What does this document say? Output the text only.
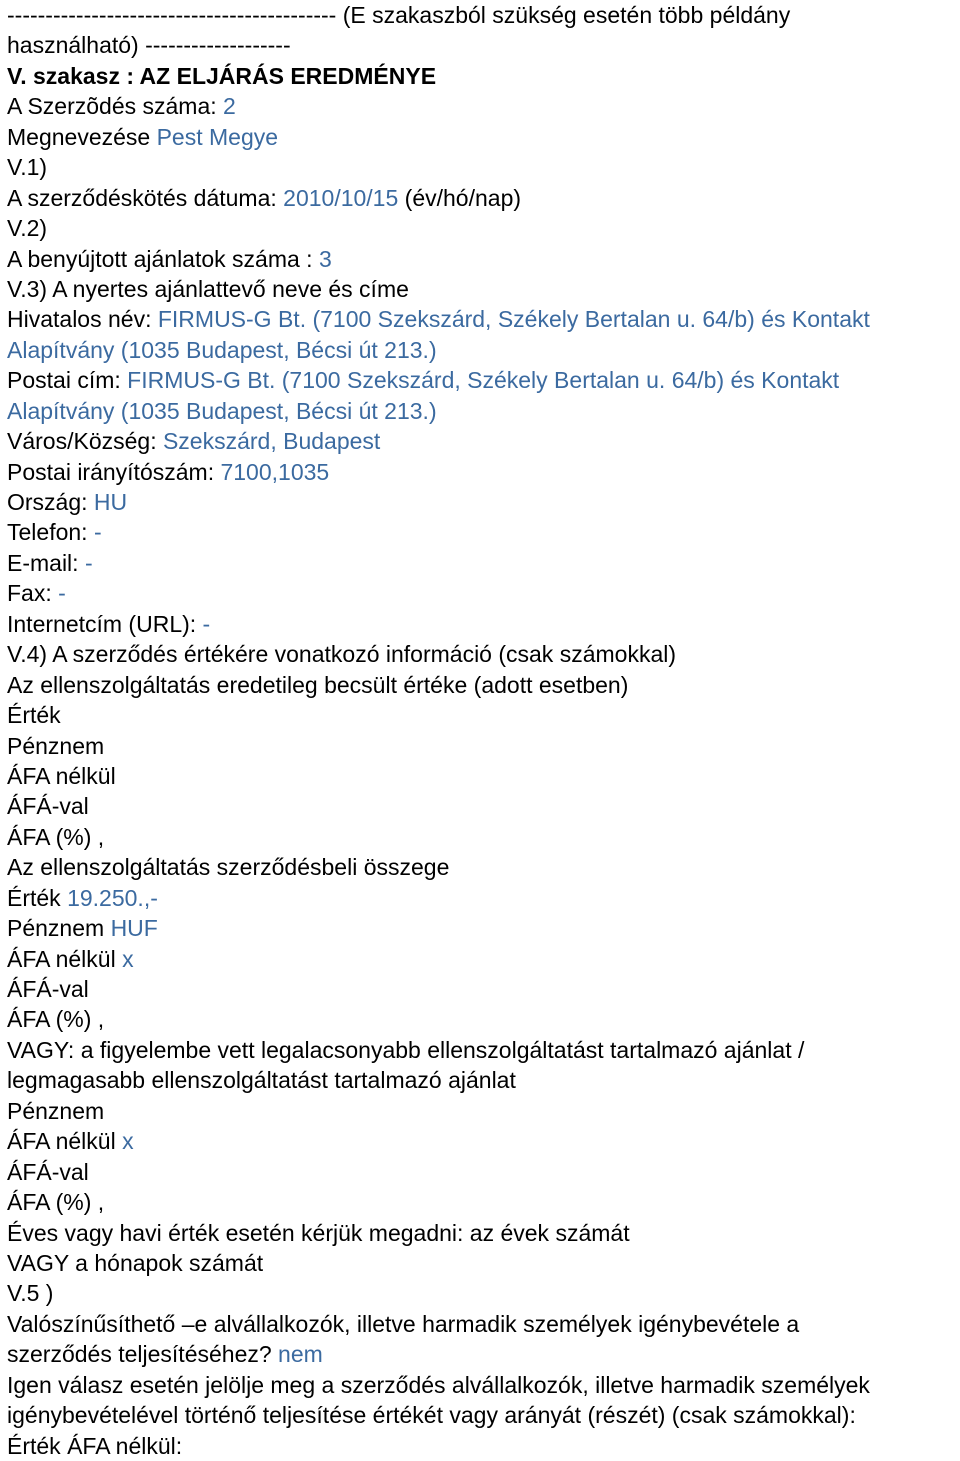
------------------------------------------- (E szakaszból szükség esetén több példány
használható) -------------------
V. szakasz : AZ ELJÁRÁS EREDMÉNYE
A Szerzõdés száma: 2
Megnevezése Pest Megye
V.1)
A szerződéskötés dátuma: 2010/10/15 (év/hó/nap)
V.2)
A benyújtott ajánlatok száma : 3
V.3) A nyertes ajánlattevő neve és címe
Hivatalos név: FIRMUS-G Bt. (7100 Szekszárd, Székely Bertalan u. 64/b) és Kontakt
Alapítvány (1035 Budapest, Bécsi út 213.)
Postai cím: FIRMUS-G Bt. (7100 Szekszárd, Székely Bertalan u. 64/b) és Kontakt
Alapítvány (1035 Budapest, Bécsi út 213.)
Város/Község: Szekszárd, Budapest
Postai irányítószám: 7100,1035
Ország: HU
Telefon: -
E-mail: -
Fax: -
Internetcím (URL): -
V.4) A szerződés értékére vonatkozó információ (csak számokkal)
Az ellenszolgáltatás eredetileg becsült értéke (adott esetben)
Érték
Pénznem
ÁFA nélkül
ÁFÁ-val
ÁFA (%) ,
Az ellenszolgáltatás szerződésbeli összege
Érték 19.250.,-
Pénznem HUF
ÁFA nélkül x
ÁFÁ-val
ÁFA (%) ,
VAGY: a figyelembe vett legalacsonyabb ellenszolgáltatást tartalmazó ajánlat /
legmagasabb ellenszolgáltatást tartalmazó ajánlat
Pénznem
ÁFA nélkül x
ÁFÁ-val
ÁFA (%) ,
Éves vagy havi érték esetén kérjük megadni: az évek számát
VAGY a hónapok számát
V.5 )
Valószínűsíthető –e alvállalkozók, illetve harmadik személyek igénybevétele a
szerződés teljesítéséhez? nem
Igen válasz esetén jelölje meg a szerződés alvállalkozók, illetve harmadik személyek
igénybevételével történő teljesítése értékét vagy arányát (részét) (csak számokkal):
Érték ÁFA nélkül:
